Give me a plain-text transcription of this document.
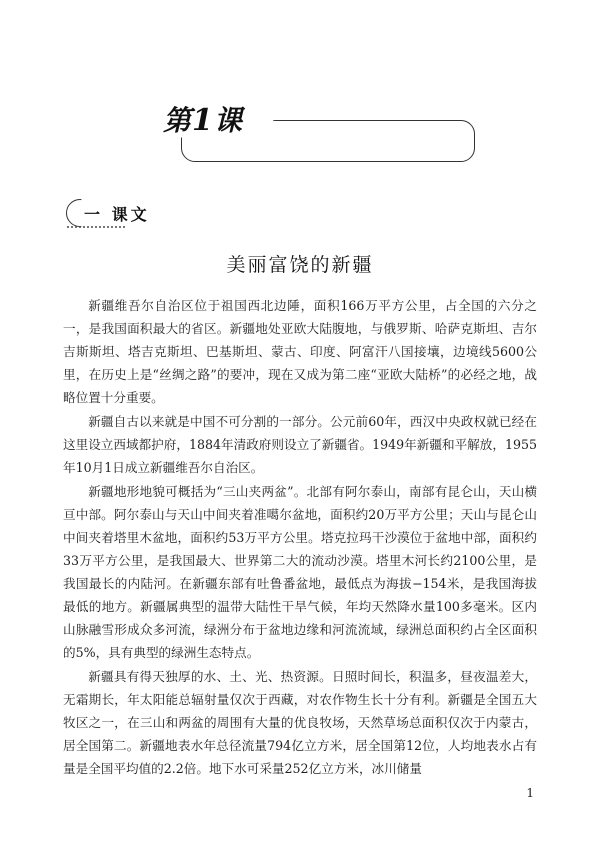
第1课
一 课文
美丽富饶的新疆

新疆维吾尔自治区位于祖国西北边陲，面积166万平方公里，占全国的六分之一，是我国面积最大的省区。新疆地处亚欧大陆腹地，与俄罗斯、哈萨克斯坦、吉尔吉斯斯坦、塔吉克斯坦、巴基斯坦、蒙古、印度、阿富汗八国接壤，边境线5600公里，在历史上是“丝绸之路”的要冲，现在又成为第二座“亚欧大陆桥”的必经之地，战略位置十分重要。

新疆自古以来就是中国不可分割的一部分。公元前60年，西汉中央政权就已经在这里设立西域都护府，1884年清政府则设立了新疆省。1949年新疆和平解放，1955年10月1日成立新疆维吾尔自治区。

新疆地形地貌可概括为“三山夹两盆”。北部有阿尔泰山，南部有昆仑山，天山横亘中部。阿尔泰山与天山中间夹着准噶尔盆地，面积约20万平方公里；天山与昆仑山中间夹着塔里木盆地，面积约53万平方公里。塔克拉玛干沙漠位于盆地中部，面积约33万平方公里，是我国最大、世界第二大的流动沙漠。塔里木河长约2100公里，是我国最长的内陆河。在新疆东部有吐鲁番盆地，最低点为海拔−154米，是我国海拔最低的地方。新疆属典型的温带大陆性干旱气候，年均天然降水量100多毫米。区内山脉融雪形成众多河流，绿洲分布于盆地边缘和河流流域，绿洲总面积约占全区面积的5%，具有典型的绿洲生态特点。

新疆具有得天独厚的水、土、光、热资源。日照时间长，积温多，昼夜温差大，无霜期长，年太阳能总辐射量仅次于西藏，对农作物生长十分有利。新疆是全国五大牧区之一，在三山和两盆的周围有大量的优良牧场，天然草场总面积仅次于内蒙古，居全国第二。新疆地表水年总径流量794亿立方米，居全国第12位，人均地表水占有量是全国平均值的2.2倍。地下水可采量252亿立方米，冰川储量

1
